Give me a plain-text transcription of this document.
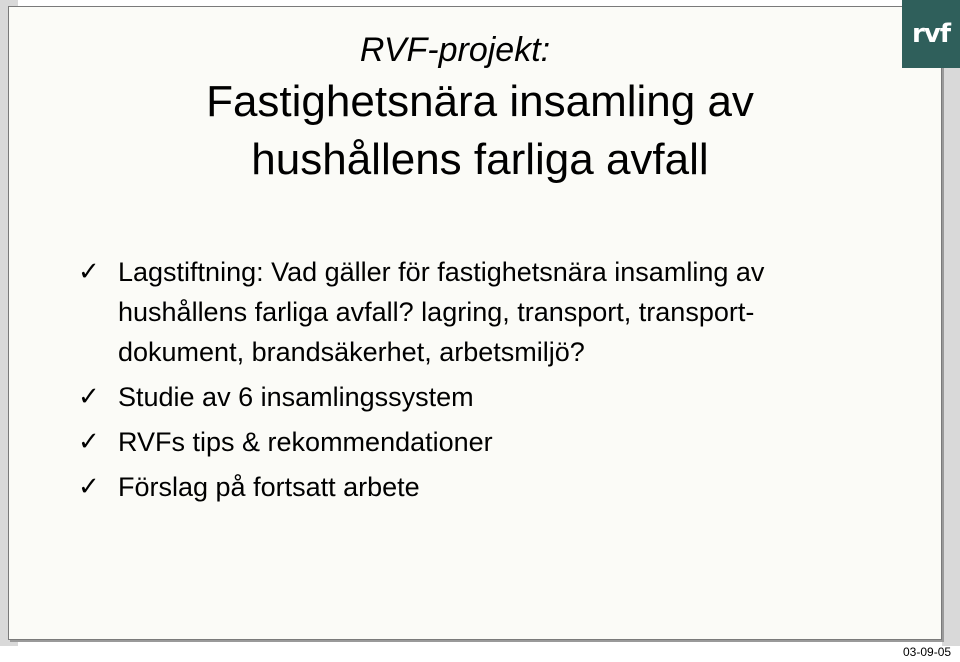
rvf
RVF-projekt:
Fastighetsnära insamling av
hushållens farliga avfall
✓ Lagstiftning: Vad gäller för fastighetsnära insamling av hushållens farliga avfall? lagring, transport, transport-dokument, brandsäkerhet, arbetsmiljö?
✓ Studie av 6 insamlingssystem
✓ RVFs tips & rekommendationer
✓ Förslag på fortsatt arbete
03-09-05
